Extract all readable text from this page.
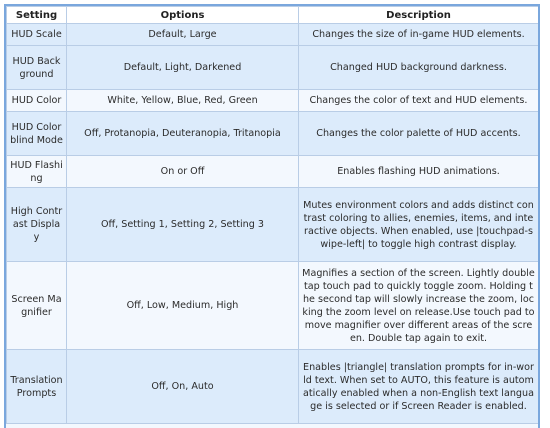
Setting	Options	Description
HUD Scale	Default, Large	Changes the size of in-game HUD elements.
HUD Background	Default, Light, Darkened	Changed HUD background darkness.
HUD Color	White, Yellow, Blue, Red, Green	Changes the color of text and HUD elements.
HUD Colorblind Mode	Off, Protanopia, Deuteranopia, Tritanopia	Changes the color palette of HUD accents.
HUD Flashing	On or Off	Enables flashing HUD animations.
High Contrast Display	Off, Setting 1, Setting 2, Setting 3	Mutes environment colors and adds distinct contrast coloring to allies, enemies, items, and interactive objects. When enabled, use |touchpad-swipe-left| to toggle high contrast display.
Screen Magnifier	Off, Low, Medium, High	Magnifies a section of the screen. Lightly double tap touch pad to quickly toggle zoom. Holding the second tap will slowly increase the zoom, locking the zoom level on release.Use touch pad to move magnifier over different areas of the screen. Double tap again to exit.
Translation Prompts	Off, On, Auto	Enables |triangle| translation prompts for in-world text. When set to AUTO, this feature is automatically enabled when a non-English text language is selected or if Screen Reader is enabled.
